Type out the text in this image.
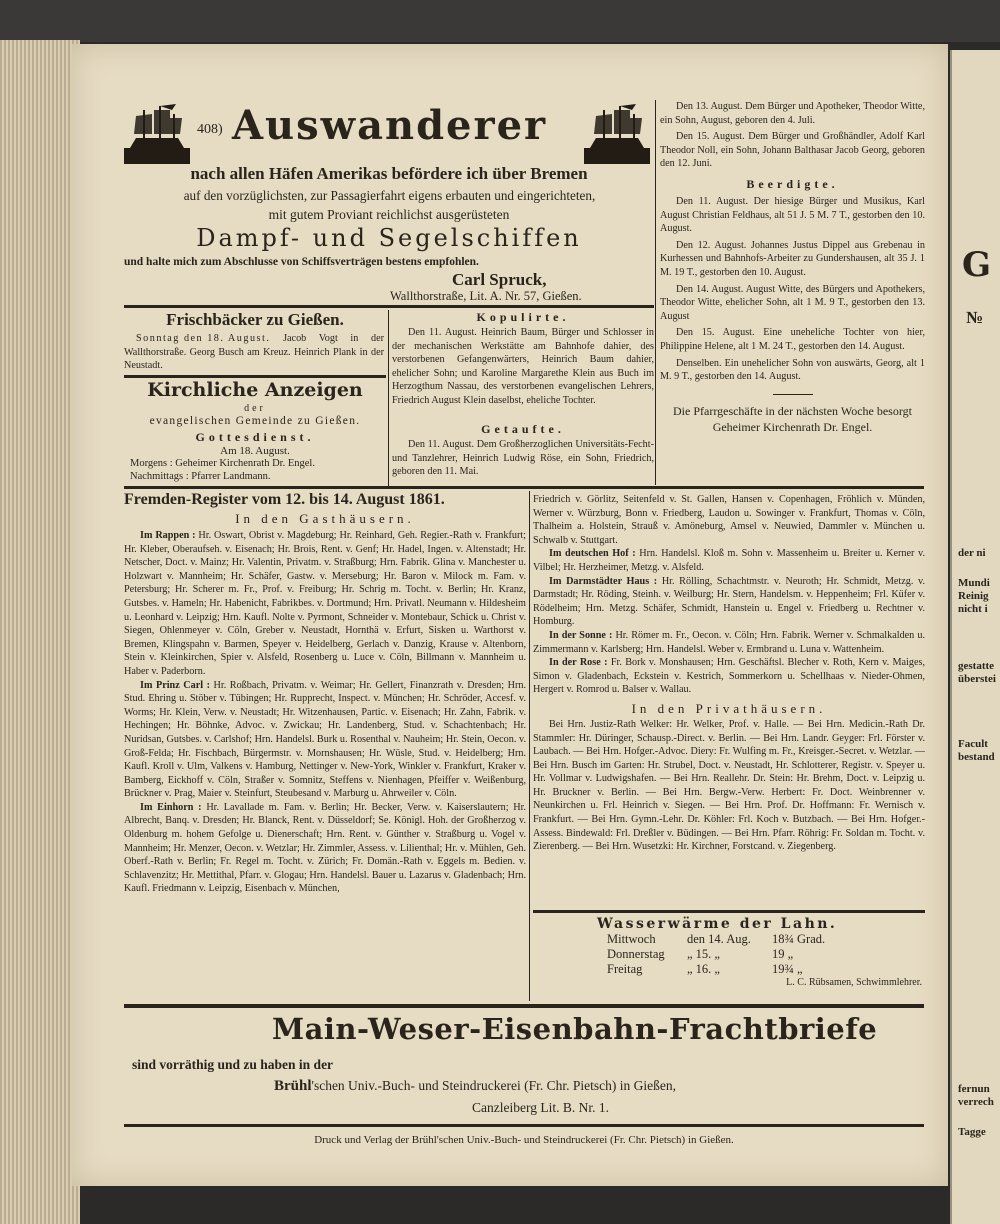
408) Auswanderer
nach allen Häfen Amerikas befördere ich über Bremen
auf den vorzüglichsten, zur Passagierfahrt eigens erbauten und eingerichteten,
mit gutem Proviant reichlichst ausgerüsteten
Dampf- und Segelschiffen
und halte mich zum Abschlusse von Schiffsverträgen bestens empfohlen.
Carl Spruck,
Wallthorstraße, Lit. A. Nr. 57, Gießen.
Frischbäcker zu Gießen.
Sonntag den 18. August. Jacob Vogt in der Wallthorstraße. Georg Busch am Kreuz. Heinrich Plank in der Neustadt.
Kirchliche Anzeigen
der
evangelischen Gemeinde zu Gießen.
Gottesdienst.
Am 18. August.
Morgens : Geheimer Kirchenrath Dr. Engel.
Nachmittags : Pfarrer Landmann.
Kopulirte.
Den 11. August. Heinrich Baum, Bürger und Schlosser in der mechanischen Werkstätte am Bahnhofe dahier, des verstorbenen Gefangenwärters, Heinrich Baum dahier, ehelicher Sohn; und Karoline Margarethe Klein aus Buch im Herzogthum Nassau, des verstorbenen evangelischen Lehrers, Friedrich August Klein daselbst, eheliche Tochter.
Getaufte.
Den 11. August. Dem Großherzoglichen Universitäts-Fecht- und Tanzlehrer, Heinrich Ludwig Röse, ein Sohn, Friedrich, geboren den 11. Mai.
Den 13. August. Dem Bürger und Apotheker, Theodor Witte, ein Sohn, August, geboren den 4. Juli.
Den 15. August. Dem Bürger und Großhändler, Adolf Karl Theodor Noll, ein Sohn, Johann Balthasar Jacob Georg, geboren den 12. Juni.
Beerdigte.
Den 11. August. Der hiesige Bürger und Musikus, Karl August Christian Feldhaus, alt 51 J. 5 M. 7 T., gestorben den 10. August.
Den 12. August. Johannes Justus Dippel aus Grebenau in Kurhessen und Bahnhofs-Arbeiter zu Gundershausen, alt 35 J. 1 M. 19 T., gestorben den 10. August.
Den 14. August. August Witte, des Bürgers und Apothekers, Theodor Witte, ehelicher Sohn, alt 1 M. 9 T., gestorben den 13. August
Den 15. August. Eine uneheliche Tochter von hier, Philippine Helene, alt 1 M. 24 T., gestorben den 14. August.
Denselben. Ein unehelicher Sohn von auswärts, Georg, alt 1 M. 9 T., gestorben den 14. August.
Die Pfarrgeschäfte in der nächsten Woche besorgt Geheimer Kirchenrath Dr. Engel.
Fremden-Register vom 12. bis 14. August 1861.
In den Gasthäusern.
Im Rappen : Hr. Oswart, Obrist v. Magdeburg; Hr. Reinhard, Geh. Regier.-Rath v. Frankfurt; Hr. Kleber, Oberaufseh. v. Eisenach; Hr. Brois, Rent. v. Genf; Hr. Hadel, Ingen. v. Altenstadt; Hr. Netscher, Doct. v. Mainz; Hr. Valentin, Privatm. v. Straßburg; Hrn. Fabrik. Glina v. Manchester u. Holzwart v. Mannheim; Hr. Schäfer, Gastw. v. Merseburg; Hr. Baron v. Milock m. Fam. v. Petersburg; Hr. Scherer m. Fr., Prof. v. Freiburg; Hr. Schrig m. Tocht. v. Berlin; Hr. Kranz, Gutsbes. v. Hameln; Hr. Habenicht, Fabrikbes. v. Dortmund; Hrn. Privatl. Neumann v. Hildesheim u. Leonhard v. Leipzig; Hrn. Kaufl. Nolte v. Pyrmont, Schneider v. Montebaur, Schick u. Christ v. Siegen, Ohlenmeyer v. Cöln, Greber v. Neustadt, Hornthä v. Erfurt, Sisken u. Warthorst v. Bremen, Klingspahn v. Barmen, Speyer v. Heidelberg, Gerlach v. Danzig, Krause v. Altenborn, Stein v. Kleinkirchen, Spier v. Alsfeld, Rosenberg u. Luce v. Cöln, Billmann v. Mannheim u. Haber v. Paderborn.
Im Prinz Carl : Hr. Roßbach, Privatm. v. Weimar; Hr. Gellert, Finanzrath v. Dresden; Hrn. Stud. Ehring u. Stöber v. Tübingen; Hr. Rupprecht, Inspect. v. München; Hr. Schröder, Accesf. v. Worms; Hr. Klein, Verw. v. Neustadt; Hr. Witzenhausen, Partic. v. Eisenach; Hr. Zahn, Fabrik. v. Hechingen; Hr. Böhnke, Advoc. v. Zwickau; Hr. Landenberg, Stud. v. Schachtenbach; Hr. Nuridsan, Gutsbes. v. Carlshof; Hrn. Handelsl. Burk u. Rosenthal v. Nauheim; Hr. Stein, Oecon. v. Groß-Felda; Hr. Fischbach, Bürgermstr. v. Mornshausen; Hr. Wüsle, Stud. v. Heidelberg; Hrn. Kaufl. Kroll v. Ulm, Valkens v. Hamburg, Nettinger v. New-York, Winkler v. Frankfurt, Kraker v. Bamberg, Eickhoff v. Cöln, Straßer v. Somnitz, Steffens v. Nienhagen, Pfeiffer v. Weißenburg, Brückner v. Prag, Maier v. Steinfurt, Steubesand v. Marburg u. Ahrweiler v. Cöln.
Im Einhorn : Hr. Lavallade m. Fam. v. Berlin; Hr. Becker, Verw. v. Kaiserslautern; Hr. Albrecht, Banq. v. Dresden; Hr. Blanck, Rent. v. Düsseldorf; Se. Königl. Hoh. der Großherzog v. Oldenburg m. hohem Gefolge u. Dienerschaft; Hrn. Rent. v. Günther v. Straßburg u. Vogel v. Mannheim; Hr. Menzer, Oecon. v. Wetzlar; Hr. Zimmler, Assess. v. Lilienthal; Hr. v. Mühlen, Geh. Oberf.-Rath v. Berlin; Fr. Regel m. Tocht. v. Zürich; Fr. Domän.-Rath v. Eggels m. Bedien. v. Schlavenzitz; Hr. Mettithal, Pfarr. v. Glogau; Hrn. Handelsl. Bauer u. Lazarus v. Gladenbach; Hrn. Kaufl. Friedmann v. Leipzig, Eisenbach v. München,
Friedrich v. Görlitz, Seitenfeld v. St. Gallen, Hansen v. Copenhagen, Fröhlich v. Münden, Werner v. Würzburg, Bonn v. Friedberg, Laudon u. Sowinger v. Frankfurt, Thomas v. Cöln, Thalheim a. Holstein, Strauß v. Amöneburg, Amsel v. Neuwied, Dammler v. München u. Schwalb v. Stuttgart.
Im deutschen Hof : Hrn. Handelsl. Kloß m. Sohn v. Massenheim u. Breiter u. Kerner v. Vilbel; Hr. Herzheimer, Metzg. v. Alsfeld.
Im Darmstädter Haus : Hr. Rölling, Schachtmstr. v. Neuroth; Hr. Schmidt, Metzg. v. Darmstadt; Hr. Röding, Steinh. v. Weilburg; Hr. Stern, Handelsm. v. Heppenheim; Frl. Küfer v. Rödelheim; Hrn. Metzg. Schäfer, Schmidt, Hanstein u. Engel v. Friedberg u. Rechtner v. Homburg.
In der Sonne : Hr. Römer m. Fr., Oecon. v. Cöln; Hrn. Fabrik. Werner v. Schmalkalden u. Zimmermann v. Karlsberg; Hrn. Handelsl. Weber v. Ermbrand u. Luna v. Wattenheim.
In der Rose : Fr. Bork v. Monshausen; Hrn. Geschäftsl. Blecher v. Roth, Kern v. Maiges, Simon v. Gladenbach, Eckstein v. Kestrich, Sommerkorn u. Schellhaas v. Nieder-Ohmen, Hergert v. Romrod u. Balser v. Wallau.
In den Privathäusern.
Bei Hrn. Justiz-Rath Welker: Hr. Welker, Prof. v. Halle. — Bei Hrn. Medicin.-Rath Dr. Stammler: Hr. Düringer, Schausp.-Direct. v. Berlin. — Bei Hrn. Landr. Geyger: Frl. Förster v. Laubach. — Bei Hrn. Hofger.-Advoc. Diery: Fr. Wulfing m. Fr., Kreisger.-Secret. v. Wetzlar. — Bei Hrn. Busch im Garten: Hr. Strubel, Doct. v. Neustadt, Hr. Schlotterer, Registr. v. Speyer u. Hr. Vollmar v. Ludwigshafen. — Bei Hrn. Reallehr. Dr. Stein: Hr. Brehm, Doct. v. Leipzig u. Hr. Bruckner v. Berlin. — Bei Hrn. Bergw.-Verw. Herbert: Fr. Doct. Weinbrenner v. Neunkirchen u. Frl. Heinrich v. Siegen. — Bei Hrn. Prof. Dr. Hoffmann: Fr. Wernisch v. Frankfurt. — Bei Hrn. Gymn.-Lehr. Dr. Köhler: Frl. Koch v. Butzbach. — Bei Hrn. Hofger.-Assess. Bindewald: Frl. Dreßler v. Büdingen. — Bei Hrn. Pfarr. Röhrig: Fr. Soldan m. Tocht. v. Zierenberg. — Bei Hrn. Wusetzki: Hr. Kirchner, Forstcand. v. Ziegenberg.
Wasserwärme der Lahn.
Mittwoch	den 14. Aug.	18¾ Grad.
Donnerstag	„ 15. „	19 „
Freitag	„ 16. „	19¾ „
L. C. Rübsamen, Schwimmlehrer.
Main-Weser-Eisenbahn-Frachtbriefe
sind vorräthig und zu haben in der
Brühl'schen Univ.-Buch- und Steindruckerei (Fr. Chr. Pietsch) in Gießen,
Canzleiberg Lit. B. Nr. 1.
Druck und Verlag der Brühl'schen Univ.-Buch- und Steindruckerei (Fr. Chr. Pietsch) in Gießen.
G
№
der ni
Mundi
Reinig
nicht i
gestatte
überstei
Facult
bestand
fernun
verrech
Tagge
